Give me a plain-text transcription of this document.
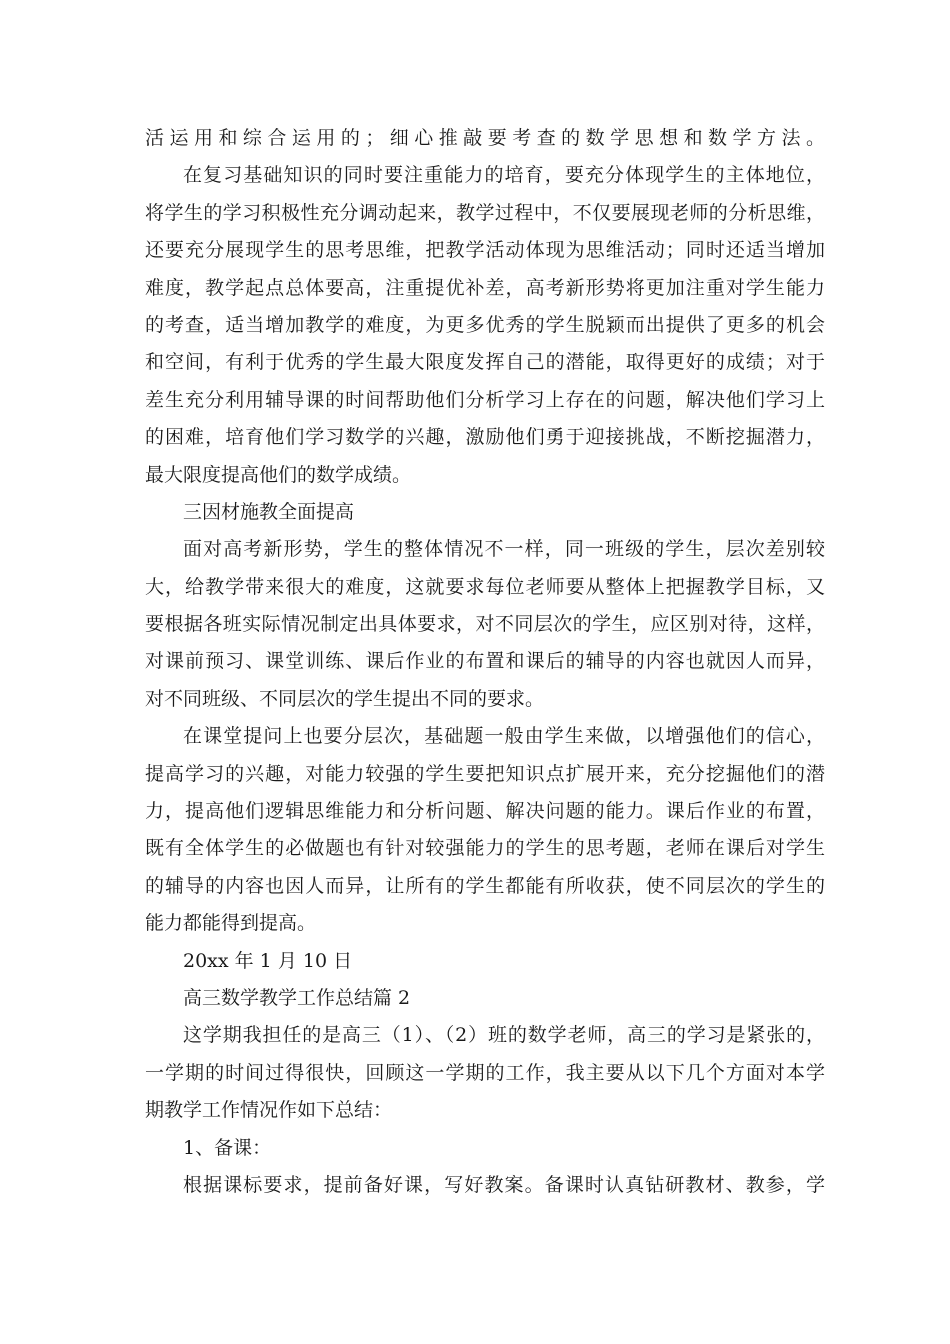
活运用和综合运用的；细心推敲要考查的数学思想和数学方法。
在复习基础知识的同时要注重能力的培育，要充分体现学生的主体地位，
将学生的学习积极性充分调动起来，教学过程中，不仅要展现老师的分析思维，
还要充分展现学生的思考思维，把教学活动体现为思维活动；同时还适当增加
难度，教学起点总体要高，注重提优补差，高考新形势将更加注重对学生能力
的考查，适当增加教学的难度，为更多优秀的学生脱颖而出提供了更多的机会
和空间，有利于优秀的学生最大限度发挥自己的潜能，取得更好的成绩；对于
差生充分利用辅导课的时间帮助他们分析学习上存在的问题，解决他们学习上
的困难，培育他们学习数学的兴趣，激励他们勇于迎接挑战，不断挖掘潜力，
最大限度提高他们的数学成绩。
三因材施教全面提高
面对高考新形势，学生的整体情况不一样，同一班级的学生，层次差别较
大，给教学带来很大的难度，这就要求每位老师要从整体上把握教学目标，又
要根据各班实际情况制定出具体要求，对不同层次的学生，应区别对待，这样，
对课前预习、课堂训练、课后作业的布置和课后的辅导的内容也就因人而异，
对不同班级、不同层次的学生提出不同的要求。
在课堂提问上也要分层次，基础题一般由学生来做，以增强他们的信心，
提高学习的兴趣，对能力较强的学生要把知识点扩展开来，充分挖掘他们的潜
力，提高他们逻辑思维能力和分析问题、解决问题的能力。课后作业的布置，
既有全体学生的必做题也有针对较强能力的学生的思考题，老师在课后对学生
的辅导的内容也因人而异，让所有的学生都能有所收获，使不同层次的学生的
能力都能得到提高。
20xx 年 1 月 10 日
高三数学教学工作总结篇 2
这学期我担任的是高三（1）、（2）班的数学老师，高三的学习是紧张的，
一学期的时间过得很快，回顾这一学期的工作，我主要从以下几个方面对本学
期教学工作情况作如下总结：
1、备课：
根据课标要求，提前备好课，写好教案。备课时认真钻研教材、教参，学
